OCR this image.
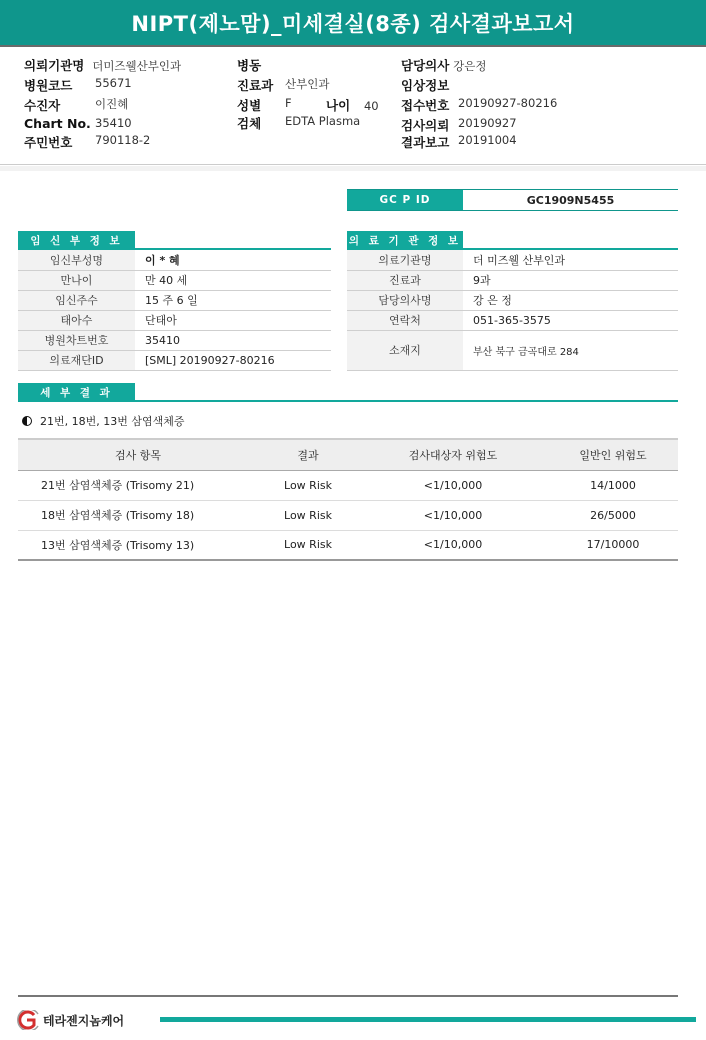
NIPT(제노맘)_미세결실(8종) 검사결과보고서
의뢰기관명 더미즈웰산부인과
병원코드 55671
수진자	이진혜
Chart No. 35410
주민번호 790118-2
병동
진료과 산부인과
성별 F	나이 40
검체 EDTA Plasma
담당의사 강은정
임상정보
접수번호 20190927-80216
검사의뢰 20190927
결과보고 20191004
GC P ID	GC1909N5455
임 신 부 정 보
임신부성명	이 * 혜
만나이	만 40 세
임신주수	15 주 6 일
태아수	단태아
병원차트번호	35410
의료재단ID	[SML] 20190927-80216
의 료 기 관 정 보
의료기관명	더 미즈웰 산부인과
진료과	9과
담당의사명	강 은 정
연락처	051-365-3575
소재지	부산 북구 금곡대로 284
세 부 결 과
21번, 18번, 13번 삼염색체증
검사 항목	결과	검사대상자 위험도	일반인 위험도
21번 삼염색체증 (Trisomy 21)	Low Risk	<1/10,000	14/1000
18번 삼염색체증 (Trisomy 18)	Low Risk	<1/10,000	26/5000
13번 삼염색체증 (Trisomy 13)	Low Risk	<1/10,000	17/10000
테라젠지놈케어
